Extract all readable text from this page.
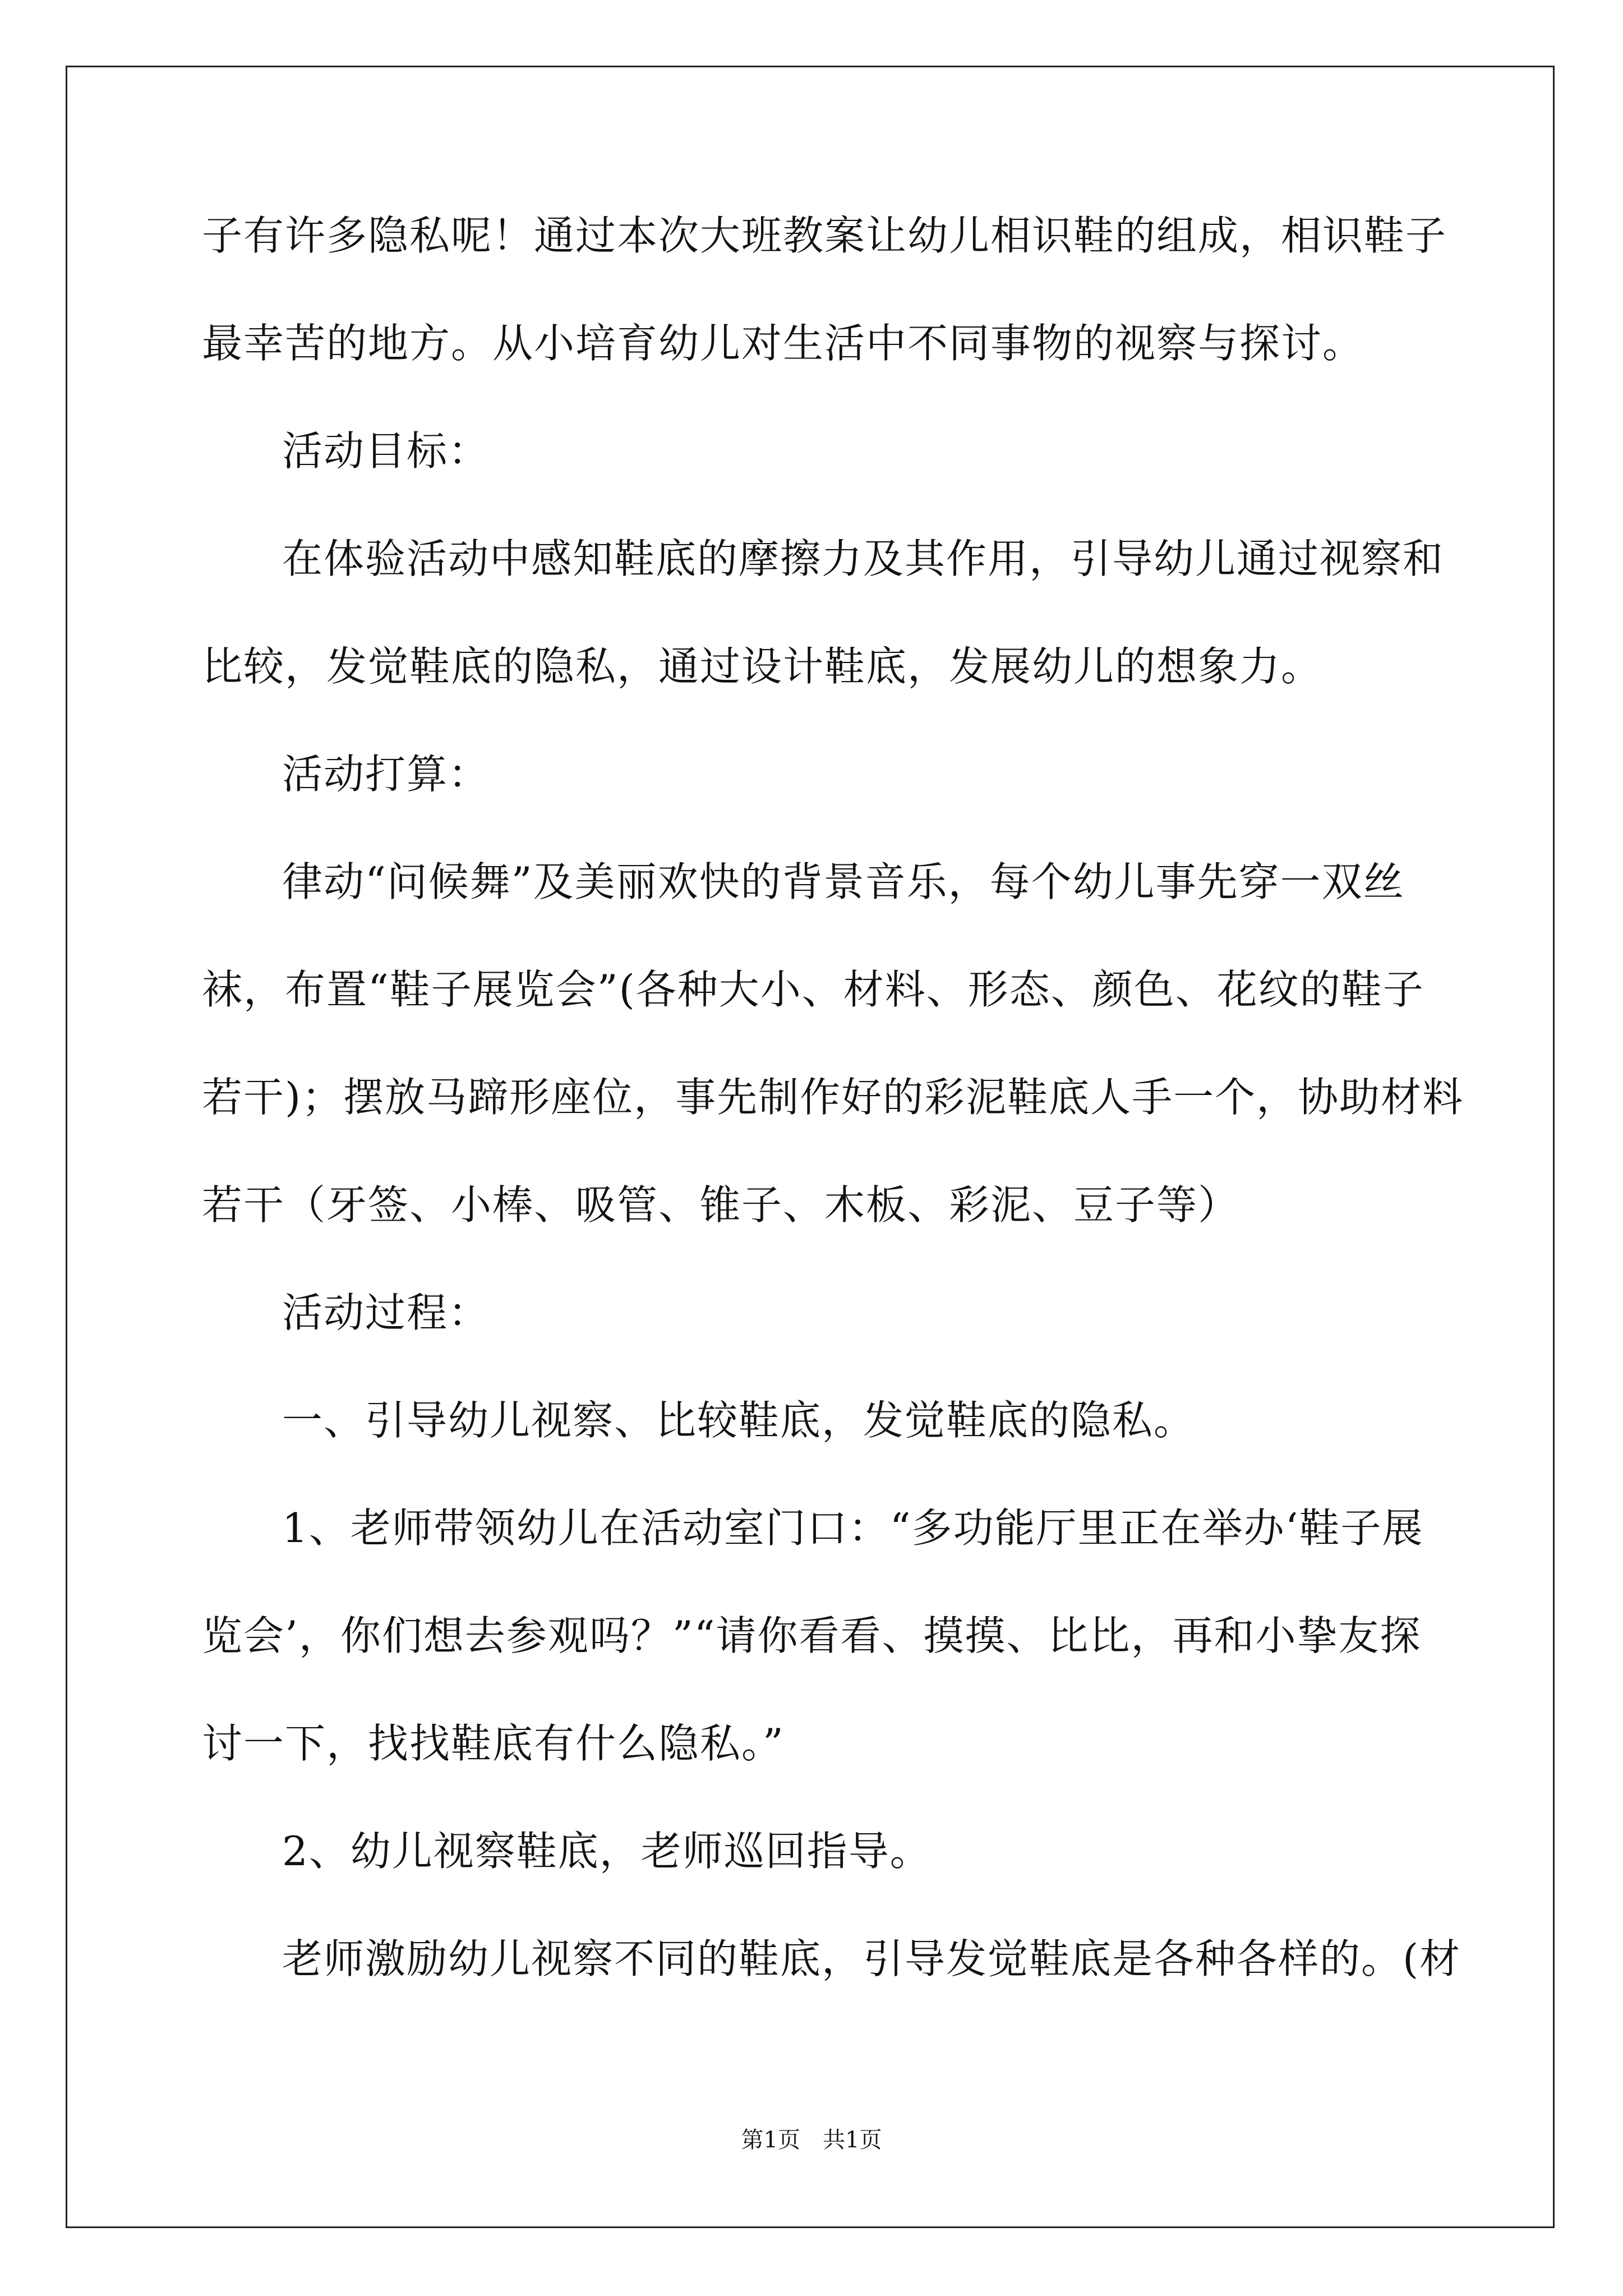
子有许多隐私呢！通过本次大班教案让幼儿相识鞋的组成，相识鞋子
最幸苦的地方。从小培育幼儿对生活中不同事物的视察与探讨。
活动目标：
在体验活动中感知鞋底的摩擦力及其作用，引导幼儿通过视察和
比较，发觉鞋底的隐私，通过设计鞋底，发展幼儿的想象力。
活动打算：
律动“问候舞”及美丽欢快的背景音乐，每个幼儿事先穿一双丝
袜，布置“鞋子展览会”(各种大小、材料、形态、颜色、花纹的鞋子
若干)；摆放马蹄形座位，事先制作好的彩泥鞋底人手一个，协助材料
若干（牙签、小棒、吸管、锥子、木板、彩泥、豆子等）
活动过程：
一、引导幼儿视察、比较鞋底，发觉鞋底的隐私。
1、老师带领幼儿在活动室门口：“多功能厅里正在举办‘鞋子展
览会’，你们想去参观吗？”“请你看看、摸摸、比比，再和小挚友探
讨一下，找找鞋底有什么隐私。”
2、幼儿视察鞋底，老师巡回指导。
老师激励幼儿视察不同的鞋底，引导发觉鞋底是各种各样的。(材
第1页 共1页
